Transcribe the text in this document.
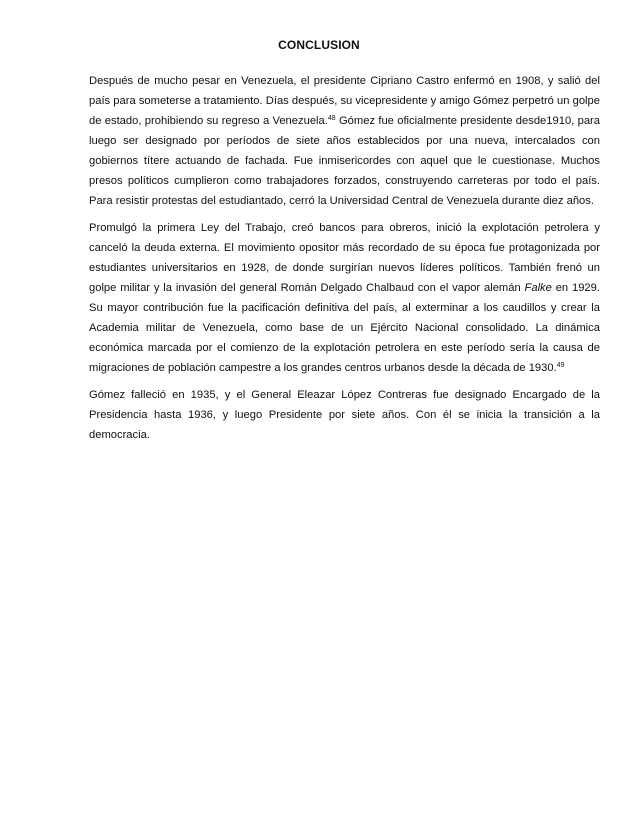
CONCLUSION

Después de mucho pesar en Venezuela, el presidente Cipriano Castro enfermó en 1908, y salió del país para someterse a tratamiento. Días después, su vicepresidente y amigo Gómez perpetró un golpe de estado, prohibiendo su regreso a Venezuela.$^{48}$ Gómez fue oficialmente presidente desde1910, para luego ser designado por períodos de siete años establecidos por una nueva, intercalados con gobiernos títere actuando de fachada. Fue inmisericordes con aquel que le cuestionase. Muchos presos políticos cumplieron como trabajadores forzados, construyendo carreteras por todo el país. Para resistir protestas del estudiantado, cerró la Universidad Central de Venezuela durante diez años.

Promulgó la primera Ley del Trabajo, creó bancos para obreros, inició la explotación petrolera y canceló la deuda externa. El movimiento opositor más recordado de su época fue protagonizada por estudiantes universitarios en 1928, de donde surgirían nuevos líderes políticos. También frenó un golpe militar y la invasión del general Román Delgado Chalbaud con el vapor alemán Falke en 1929. Su mayor contribución fue la pacificación definitiva del país, al exterminar a los caudillos y crear la Academia militar de Venezuela, como base de un Ejército Nacional consolidado. La dinámica económica marcada por el comienzo de la explotación petrolera en este período sería la causa de migraciones de población campestre a los grandes centros urbanos desde la década de 1930.49

Gómez falleció en 1935, y el General Eleazar López Contreras fue designado Encargado de la Presidencia hasta 1936, y luego Presidente por siete años. Con él se inicia la transición a la democracia.
